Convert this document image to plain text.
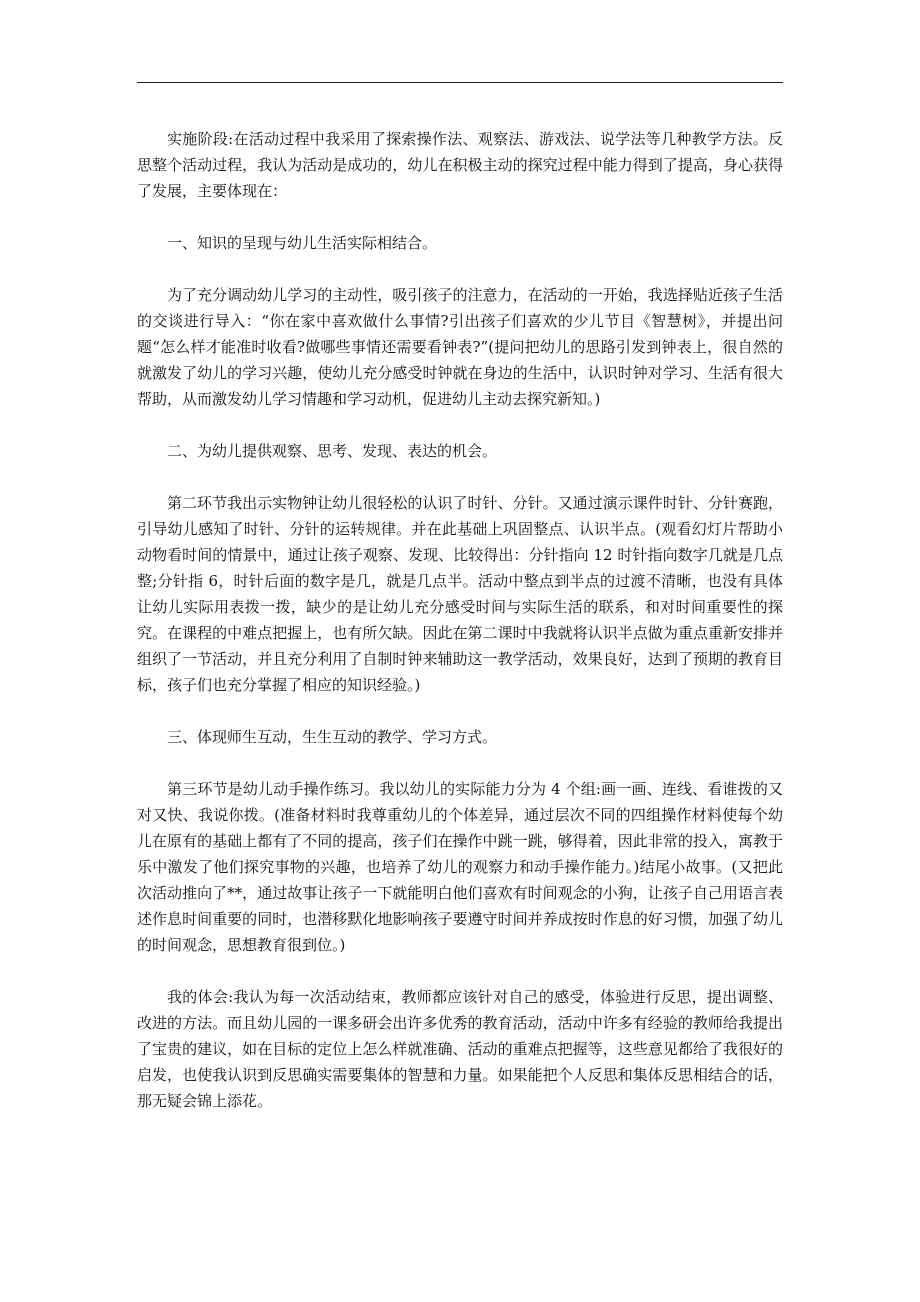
实施阶段:在活动过程中我采用了探索操作法、观察法、游戏法、说学法等几种教学方法。反思整个活动过程，我认为活动是成功的，幼儿在积极主动的探究过程中能力得到了提高，身心获得了发展，主要体现在：

一、知识的呈现与幼儿生活实际相结合。

为了充分调动幼儿学习的主动性，吸引孩子的注意力，在活动的一开始，我选择贴近孩子生活的交谈进行导入：“你在家中喜欢做什么事情?引出孩子们喜欢的少儿节目《智慧树》，并提出问题“怎么样才能准时收看?做哪些事情还需要看钟表?”(提问把幼儿的思路引发到钟表上，很自然的就激发了幼儿的学习兴趣，使幼儿充分感受时钟就在身边的生活中，认识时钟对学习、生活有很大帮助，从而激发幼儿学习情趣和学习动机，促进幼儿主动去探究新知。)

二、为幼儿提供观察、思考、发现、表达的机会。

第二环节我出示实物钟让幼儿很轻松的认识了时针、分针。又通过演示课件时针、分针赛跑，引导幼儿感知了时针、分针的运转规律。并在此基础上巩固整点、认识半点。(观看幻灯片帮助小动物看时间的情景中，通过让孩子观察、发现、比较得出：分针指向 12 时针指向数字几就是几点整;分针指 6，时针后面的数字是几，就是几点半。活动中整点到半点的过渡不清晰，也没有具体让幼儿实际用表拨一拨，缺少的是让幼儿充分感受时间与实际生活的联系，和对时间重要性的探究。在课程的中难点把握上，也有所欠缺。因此在第二课时中我就将认识半点做为重点重新安排并组织了一节活动，并且充分利用了自制时钟来辅助这一教学活动，效果良好，达到了预期的教育目标，孩子们也充分掌握了相应的知识经验。)

三、体现师生互动，生生互动的教学、学习方式。

第三环节是幼儿动手操作练习。我以幼儿的实际能力分为 4 个组:画一画、连线、看谁拨的又对又快、我说你拨。(准备材料时我尊重幼儿的个体差异，通过层次不同的四组操作材料使每个幼儿在原有的基础上都有了不同的提高，孩子们在操作中跳一跳，够得着，因此非常的投入，寓教于乐中激发了他们探究事物的兴趣，也培养了幼儿的观察力和动手操作能力。)结尾小故事。(又把此次活动推向了**，通过故事让孩子一下就能明白他们喜欢有时间观念的小狗，让孩子自己用语言表述作息时间重要的同时，也潜移默化地影响孩子要遵守时间并养成按时作息的好习惯，加强了幼儿的时间观念，思想教育很到位。)

我的体会:我认为每一次活动结束，教师都应该针对自己的感受，体验进行反思，提出调整、改进的方法。而且幼儿园的一课多研会出许多优秀的教育活动，活动中许多有经验的教师给我提出了宝贵的建议，如在目标的定位上怎么样就准确、活动的重难点把握等，这些意见都给了我很好的启发，也使我认识到反思确实需要集体的智慧和力量。如果能把个人反思和集体反思相结合的话，那无疑会锦上添花。
